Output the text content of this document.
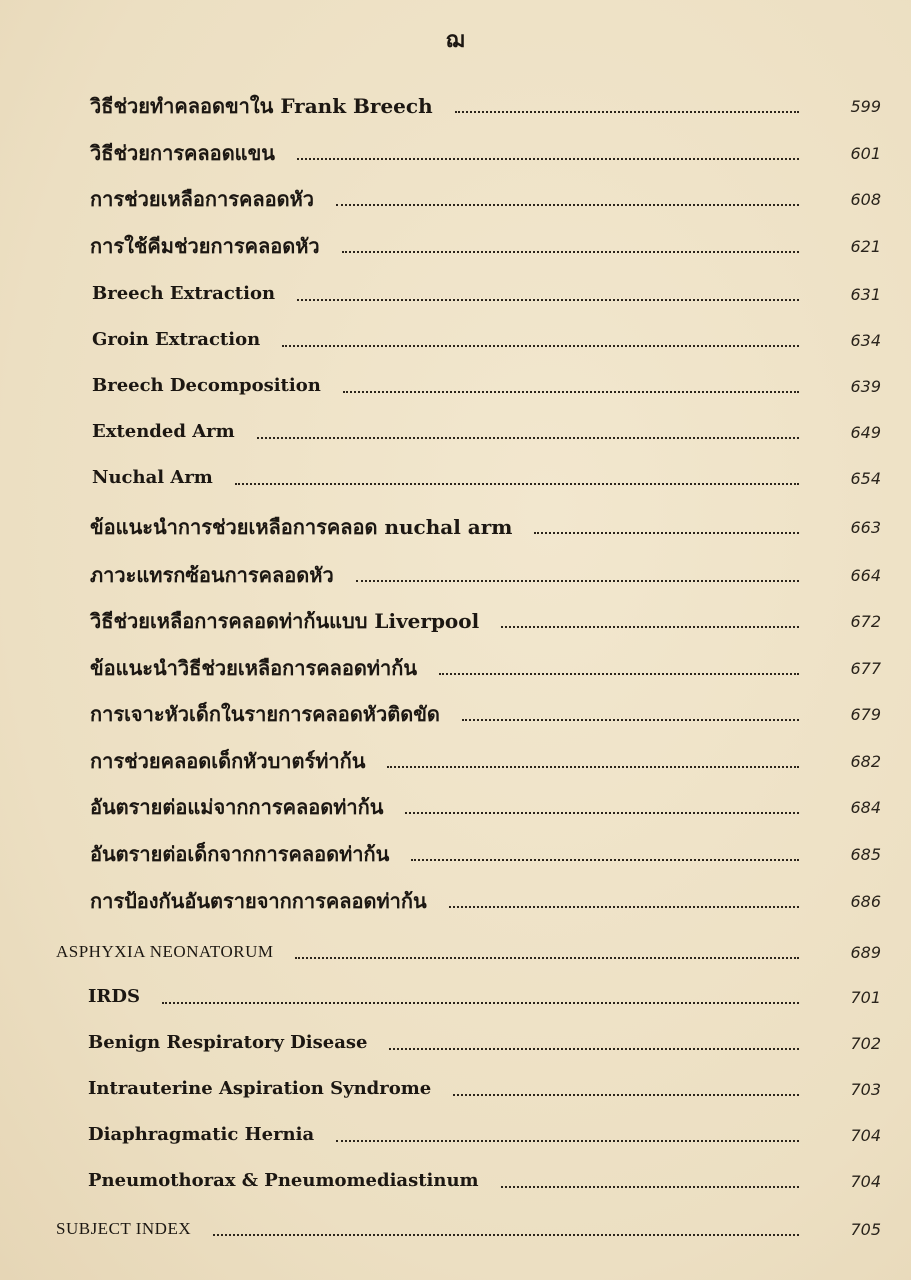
ฌ
วิธีช่วยทำคลอดขาใน Frank Breech	599
วิธีช่วยการคลอดแขน	601
การช่วยเหลือการคลอดหัว	608
การใช้คีมช่วยการคลอดหัว	621
Breech Extraction	631
Groin Extraction	634
Breech Decomposition	639
Extended Arm	649
Nuchal Arm	654
ข้อแนะนำการช่วยเหลือการคลอด nuchal arm	663
ภาวะแทรกซ้อนการคลอดหัว	664
วิธีช่วยเหลือการคลอดท่าก้นแบบ Liverpool	672
ข้อแนะนำวิธีช่วยเหลือการคลอดท่าก้น	677
การเจาะหัวเด็กในรายการคลอดหัวติดขัด	679
การช่วยคลอดเด็กหัวบาตร์ท่าก้น	682
อันตรายต่อแม่จากการคลอดท่าก้น	684
อันตรายต่อเด็กจากการคลอดท่าก้น	685
การป้องกันอันตรายจากการคลอดท่าก้น	686
ASPHYXIA NEONATORUM	689
IRDS	701
Benign Respiratory Disease	702
Intrauterine Aspiration Syndrome	703
Diaphragmatic Hernia	704
Pneumothorax & Pneumomediastinum	704
SUBJECT INDEX	705
